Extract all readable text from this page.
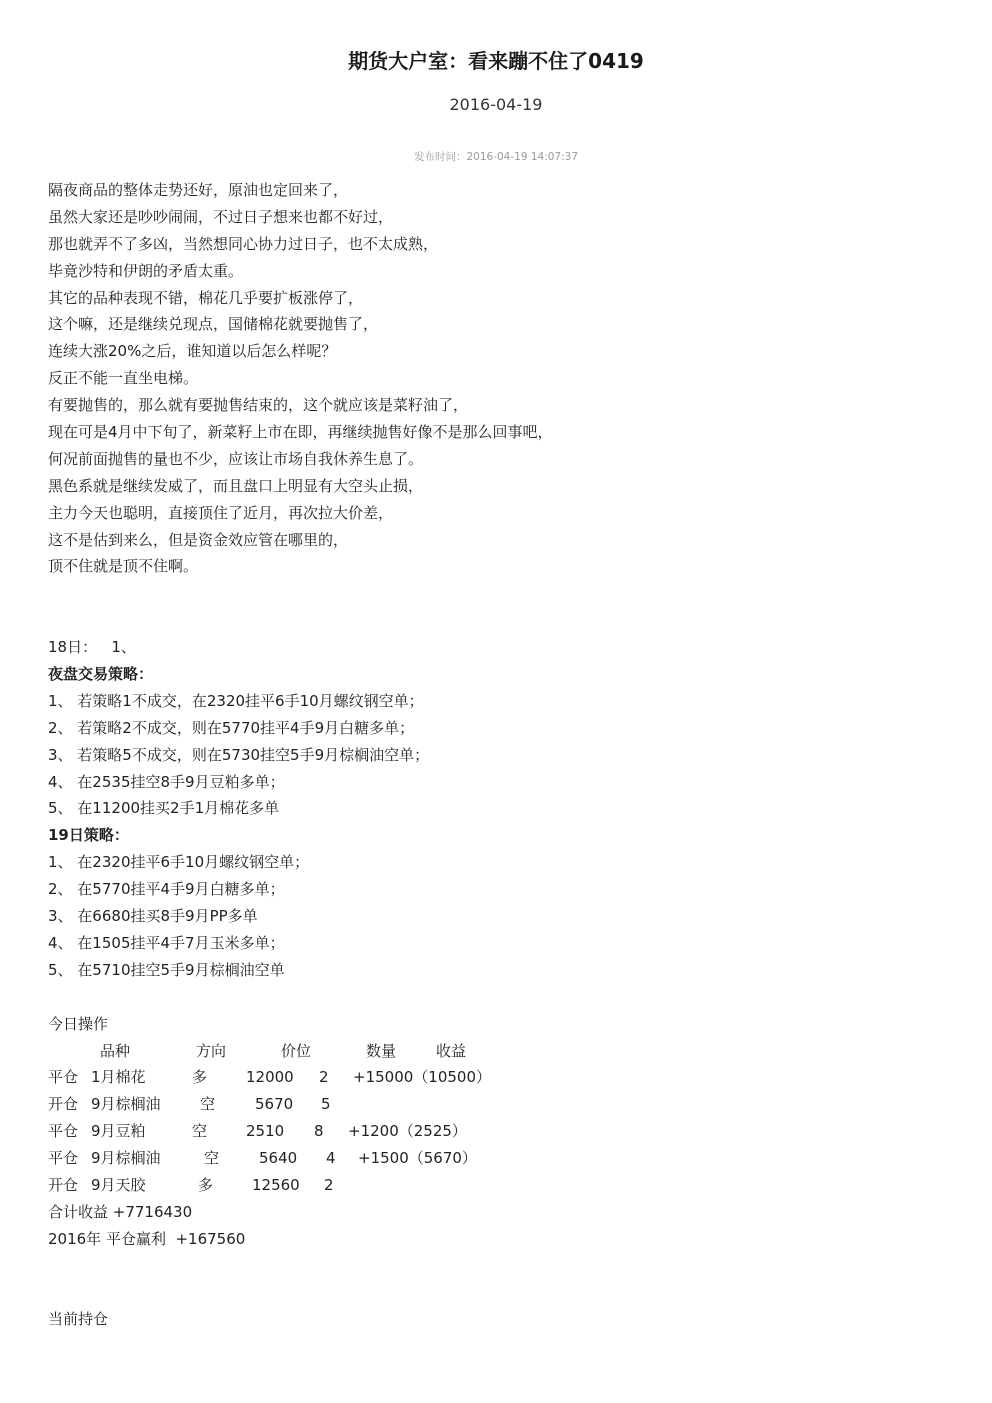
期货大户室：看来蹦不住了0419
2016-04-19
发布时间：2016-04-19 14:07:37
隔夜商品的整体走势还好，原油也定回来了，
虽然大家还是吵吵闹闹，不过日子想来也都不好过，
那也就弄不了多凶，当然想同心协力过日子，也不太成熟，
毕竟沙特和伊朗的矛盾太重。
其它的品种表现不错，棉花几乎要扩板涨停了，
这个嘛，还是继续兑现点，国储棉花就要抛售了，
连续大涨20%之后，谁知道以后怎么样呢？
反正不能一直坐电梯。
有要抛售的，那么就有要抛售结束的，这个就应该是菜籽油了，
现在可是4月中下旬了，新菜籽上市在即，再继续抛售好像不是那么回事吧，
何况前面抛售的量也不少，应该让市场自我休养生息了。
黑色系就是继续发威了，而且盘口上明显有大空头止损，
主力今天也聪明，直接顶住了近月，再次拉大价差，
这不是估到来么，但是资金效应管在哪里的，
顶不住就是顶不住啊。
18日：   1、
夜盘交易策略：
1、 若策略1不成交，在2320挂平6手10月螺纹钢空单；
2、 若策略2不成交，则在5770挂平4手9月白糖多单；
3、 若策略5不成交，则在5730挂空5手9月棕榈油空单；
4、 在2535挂空8手9月豆粕多单；
5、 在11200挂买2手1月棉花多单
19日策略：
1、 在2320挂平6手10月螺纹钢空单；
2、 在5770挂平4手9月白糖多单；
3、 在6680挂买8手9月PP多单
4、 在1505挂平4手7月玉米多单；
5、 在5710挂空5手9月棕榈油空单
今日操作
品种	方向	价位	数量	收益
平仓 1月棉花	多	12000 2 +15000（10500）
开仓 9月棕榈油	空	5670 5
平仓 9月豆粕	空	2510 8 +1200（2525）
平仓 9月棕榈油	空	5640 4 +1500（5670）
开仓 9月天胶	多	12560 2
合计收益 +7716430
2016年 平仓赢利  +167560
当前持仓
